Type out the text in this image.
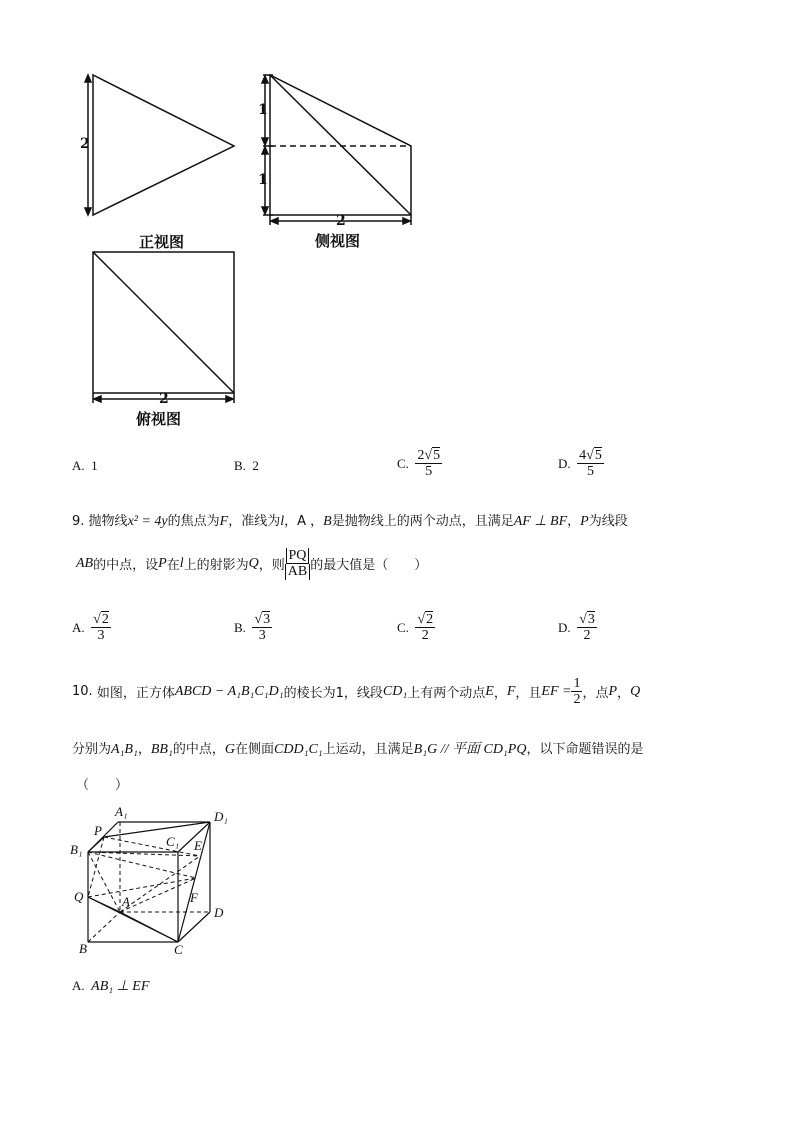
2
正视图
1
1
2
侧视图
2
俯视图
A. 1	B. 2	C.
$\frac{2√5}{5}$	D.
$\frac{4√5}{5}$
9. 抛物线x² = 4y的焦点为F，准线为l，A ，B是抛物线上的两个动点，且满足AF ⊥ BF，P为线段
AB 的中点，设 P 在 l 上的射影为 Q ，则 $\frac{PQ}{AB}$ 的最大值是（　　）
A.
$\frac{√2}{3}$	B.
$\frac{√3}{3}$	C.
$\frac{√2}{2}$	D.
$\frac{√3}{2}$
10.
如图，正方体 ABCD − A₁B₁C₁D₁ 的棱长为1，线段 CD₁ 上有两个动点 E ， F ，且 EF = $\frac{1}{2}$ ，点 P ， Q
分别为A₁B₁，BB₁的中点，G在侧面CDD₁C₁上运动，且满足B₁G // 平面 CD₁PQ，以下命题错误的是
（　　）
A₁	D₁
P
C₁ E
B₁
Q	A	F
D
B	C
A. AB₁ ⊥ EF
